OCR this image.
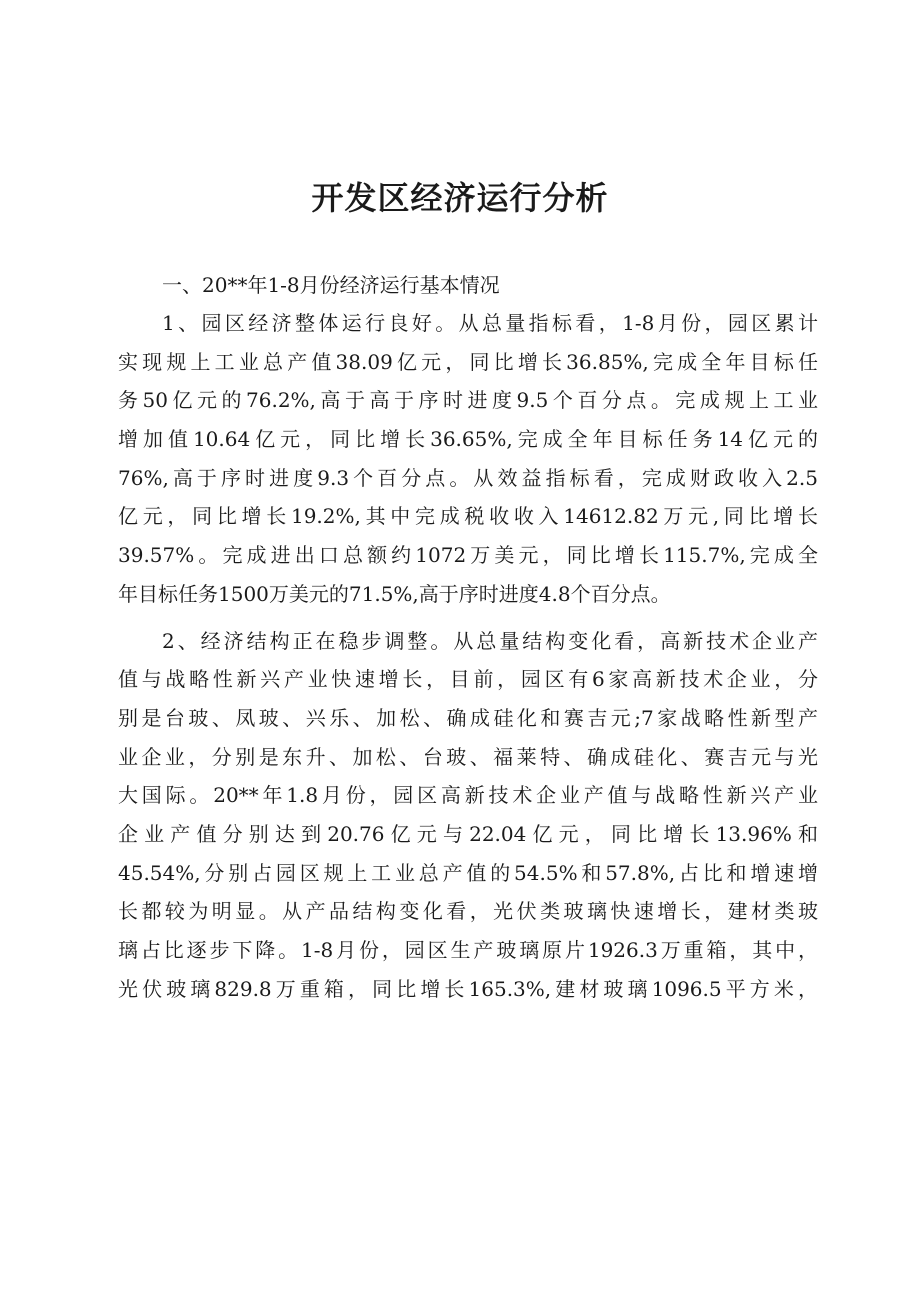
开发区经济运行分析

一、20**年1-8月份经济运行基本情况

1、园区经济整体运行良好。从总量指标看，1-8月份，园区累计
实现规上工业总产值38.09亿元，同比增长36.85%,完成全年目标任
务50亿元的76.2%,高于高于序时进度9.5个百分点。完成规上工业
增加值10.64亿元，同比增长36.65%,完成全年目标任务14亿元的
76%,高于序时进度9.3个百分点。从效益指标看，完成财政收入2.5
亿元，同比增长19.2%,其中完成税收收入14612.82万元,同比增长
39.57%。完成进出口总额约1072万美元，同比增长115.7%,完成全
年目标任务1500万美元的71.5%,高于序时进度4.8个百分点。
2、经济结构正在稳步调整。从总量结构变化看，高新技术企业产
值与战略性新兴产业快速增长，目前，园区有6家高新技术企业，分
别是台玻、凤玻、兴乐、加松、确成硅化和赛吉元;7家战略性新型产
业企业，分别是东升、加松、台玻、福莱特、确成硅化、赛吉元与光
大国际。20**年1.8月份，园区高新技术企业产值与战略性新兴产业
企业产值分别达到20.76亿元与22.04亿元，同比增长13.96%和
45.54%,分别占园区规上工业总产值的54.5%和57.8%,占比和增速增
长都较为明显。从产品结构变化看，光伏类玻璃快速增长，建材类玻
璃占比逐步下降。1-8月份，园区生产玻璃原片1926.3万重箱，其中，
光伏玻璃829.8万重箱，同比增长165.3%,建材玻璃1096.5平方米，
